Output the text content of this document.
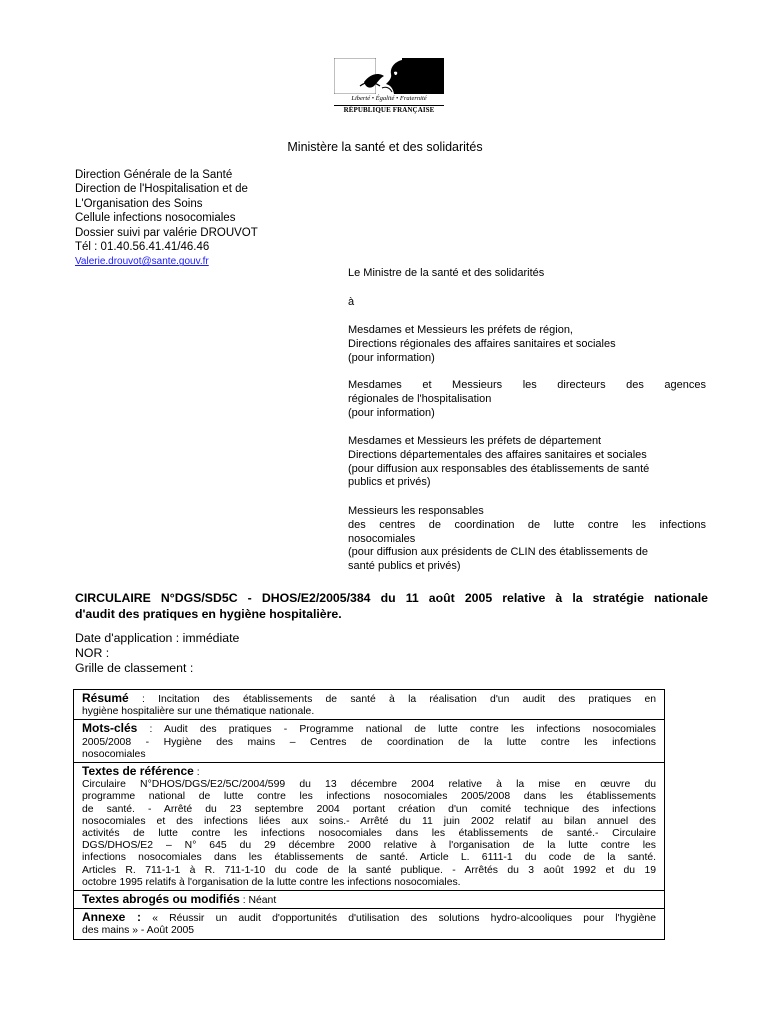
Liberté • Égalité • Fraternité
RÉPUBLIQUE FRANÇAISE
Ministère la santé et des solidarités
Direction Générale de la Santé
Direction de l'Hospitalisation et de
L'Organisation des Soins
Cellule infections nosocomiales
Dossier suivi par valérie DROUVOT
Tél : 01.40.56.41.41/46.46
Valerie.drouvot@sante.gouv.fr
Le Ministre de la santé et des solidarités
à

Mesdames et Messieurs les préfets de région,

Directions régionales des affaires sanitaires et sociales

(pour information)

Mesdames et Messieurs les directeurs des agences

régionales de l'hospitalisation

(pour information)

Mesdames et Messieurs les préfets de département

Directions départementales des affaires sanitaires et sociales

(pour diffusion aux responsables des établissements de santé

publics et privés)

Messieurs les responsables

des centres de coordination de lutte contre les infections

nosocomiales

(pour diffusion aux présidents de CLIN des établissements de

santé publics et privés)

CIRCULAIRE N°DGS/SD5C - DHOS/E2/2005/384 du 11 août 2005 relative à la stratégie nationale
d'audit des pratiques en hygiène hospitalière.
Date d'application : immédiate
NOR :
Grille de classement :
Résumé : Incitation des établissements de santé à la réalisation d'un audit des pratiques en
hygiène hospitalière sur une thématique nationale.
Mots-clés : Audit des pratiques - Programme national de lutte contre les infections nosocomiales
2005/2008 - Hygiène des mains – Centres de coordination de la lutte contre les infections
nosocomiales
Textes de référence :
Circulaire N°DHOS/DGS/E2/5C/2004/599 du 13 décembre 2004 relative à la mise en œuvre du
programme national de lutte contre les infections nosocomiales 2005/2008 dans les établissements
de santé. - Arrêté du 23 septembre 2004 portant création d'un comité technique des infections
nosocomiales et des infections liées aux soins.- Arrêté du 11 juin 2002 relatif au bilan annuel des
activités de lutte contre les infections nosocomiales dans les établissements de santé.- Circulaire
DGS/DHOS/E2 – N° 645 du 29 décembre 2000 relative à l'organisation de la lutte contre les
infections nosocomiales dans les établissements de santé. Article L. 6111-1 du code de la santé.
Articles R. 711-1-1 à R. 711-1-10 du code de la santé publique. - Arrêtés du 3 août 1992 et du 19
octobre 1995 relatifs à l'organisation de la lutte contre les infections nosocomiales.
Textes abrogés ou modifiés : Néant
Annexe : « Réussir un audit d'opportunités d'utilisation des solutions hydro-alcooliques pour l'hygiène
des mains » - Août 2005
